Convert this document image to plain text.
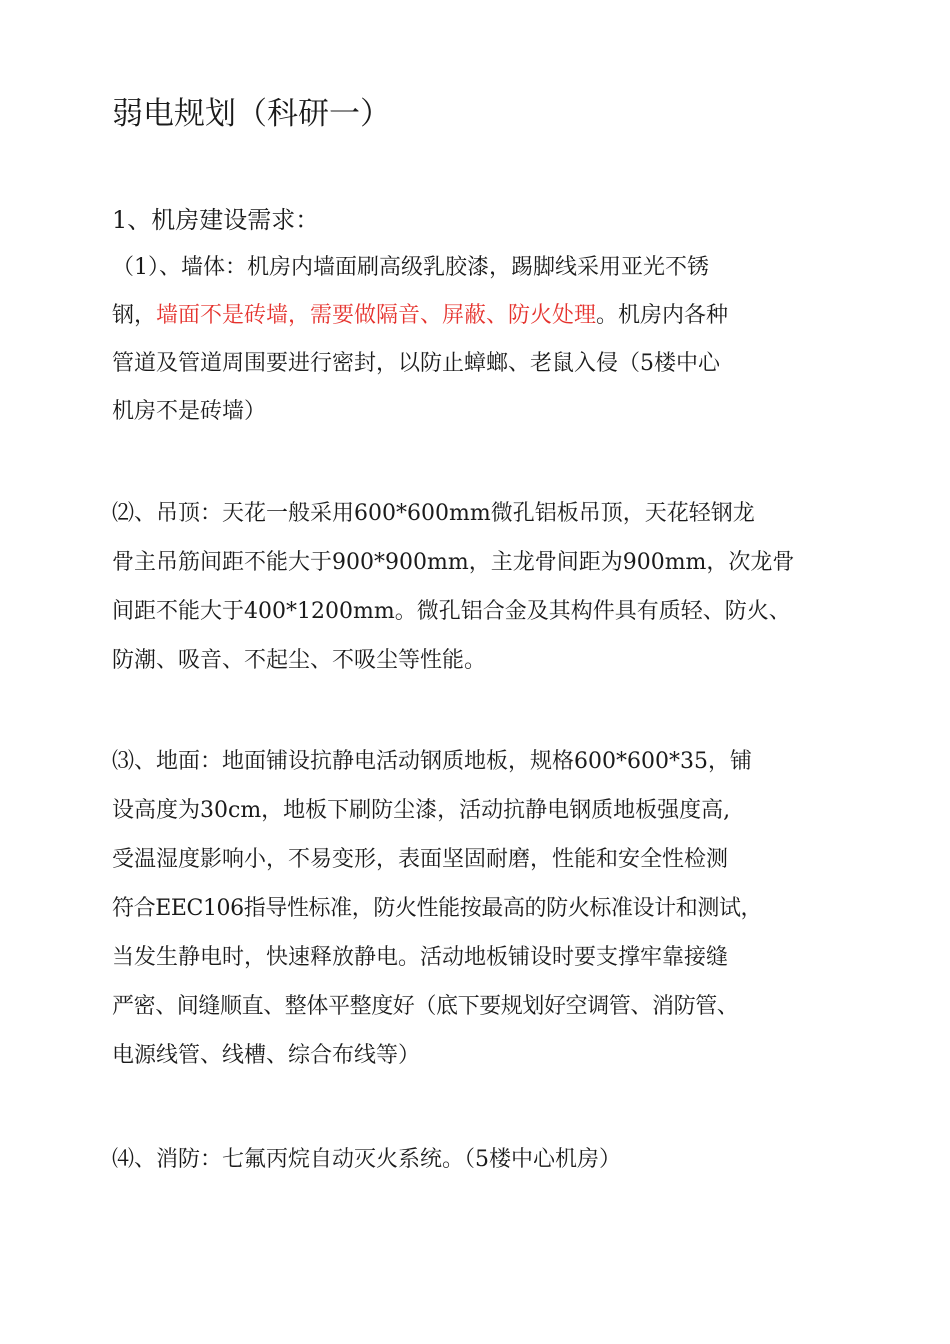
弱电规划（科研一）
1、机房建设需求：

（1）、墙体：机房内墙面刷高级乳胶漆，踢脚线采用亚光不锈

钢，墙面不是砖墙，需要做隔音、屏蔽、防火处理。机房内各种

管道及管道周围要进行密封，以防止蟑螂、老鼠入侵（5楼中心

机房不是砖墙）

⑵、吊顶：天花一般采用600*600mm微孔铝板吊顶，天花轻钢龙

骨主吊筋间距不能大于900*900mm，主龙骨间距为900mm，次龙骨

间距不能大于400*1200mm。微孔铝合金及其构件具有质轻、防火、

防潮、吸音、不起尘、不吸尘等性能。

⑶、地面：地面铺设抗静电活动钢质地板，规格600*600*35，铺

设高度为30cm，地板下刷防尘漆，活动抗静电钢质地板强度高,

受温湿度影响小，不易变形，表面坚固耐磨，性能和安全性检测

符合EEC106指导性标准，防火性能按最高的防火标准设计和测试，

当发生静电时，快速释放静电。活动地板铺设时要支撑牢靠接缝

严密、间缝顺直、整体平整度好（底下要规划好空调管、消防管、

电源线管、线槽、综合布线等）

⑷、消防：七氟丙烷自动灭火系统。（5楼中心机房）
